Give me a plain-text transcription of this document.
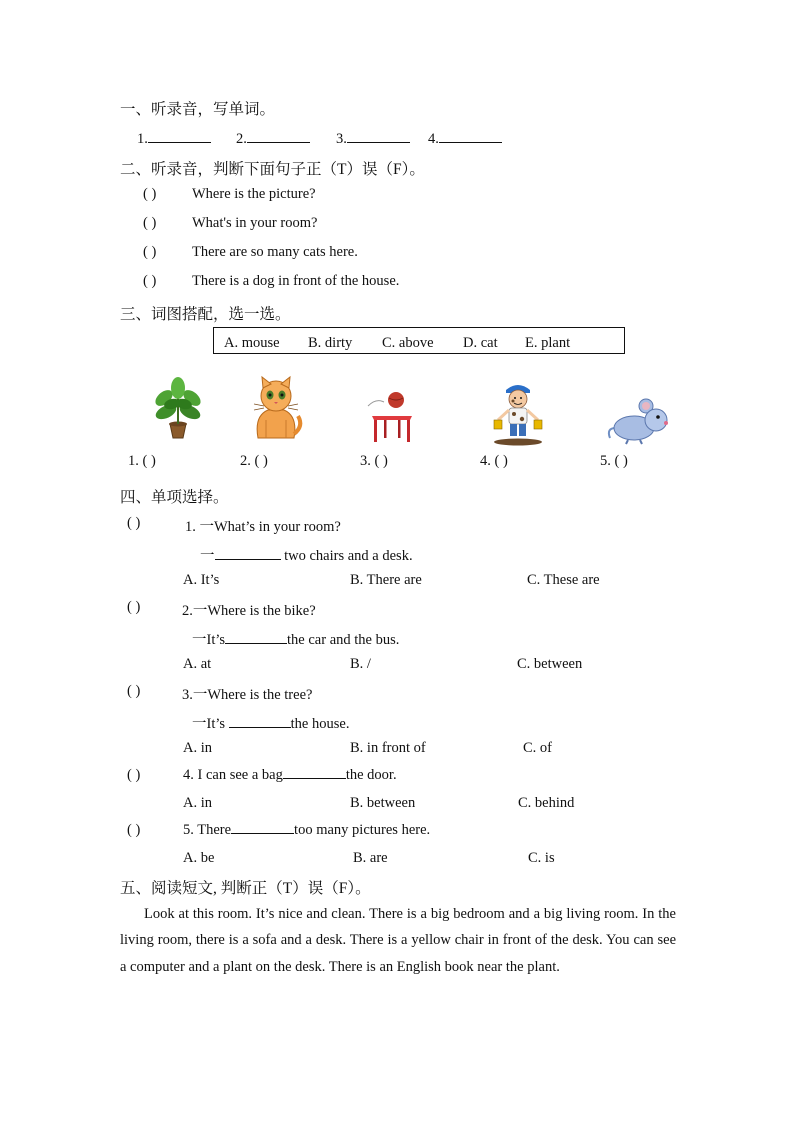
一、听录音，写单词。
1.	2.	3.	4.
二、听录音，判断下面句子正（T）误（F）。
( ) Where is the picture?
( ) What's in your room?
( ) There are so many cats here.
( ) There is a dog in front of the house.
三、词图搭配，选一选。
A. mouse B. dirty C. above D. cat E. plant
1. ( )	2. ( )	3. ( )	4. ( )	5. ( )
四、单项选择。
( )	1. 一What’s in your room?
一	two chairs and a desk.
A. It’s	B. There are	C. These are
( )	2.一Where is the bike?
一It’s	the car and the bus.
A. at	B. /	C. between
( )	3.一Where is the tree?
一It’s	the house.
A. in	B. in front of	C. of
( )	4. I can see a bag	the door.
A. in	B. between	C. behind
( )	5. There	too many pictures here.
A. be	B. are	C. is
五、阅读短文, 判断正（T）误（F）。
Look at this room. It’s nice and clean. There is a big bedroom and a big living room. In the living room, there is a sofa and a desk. There is a yellow chair in front of the desk. You can see a computer and a plant on the desk. There is an English book near the plant.
